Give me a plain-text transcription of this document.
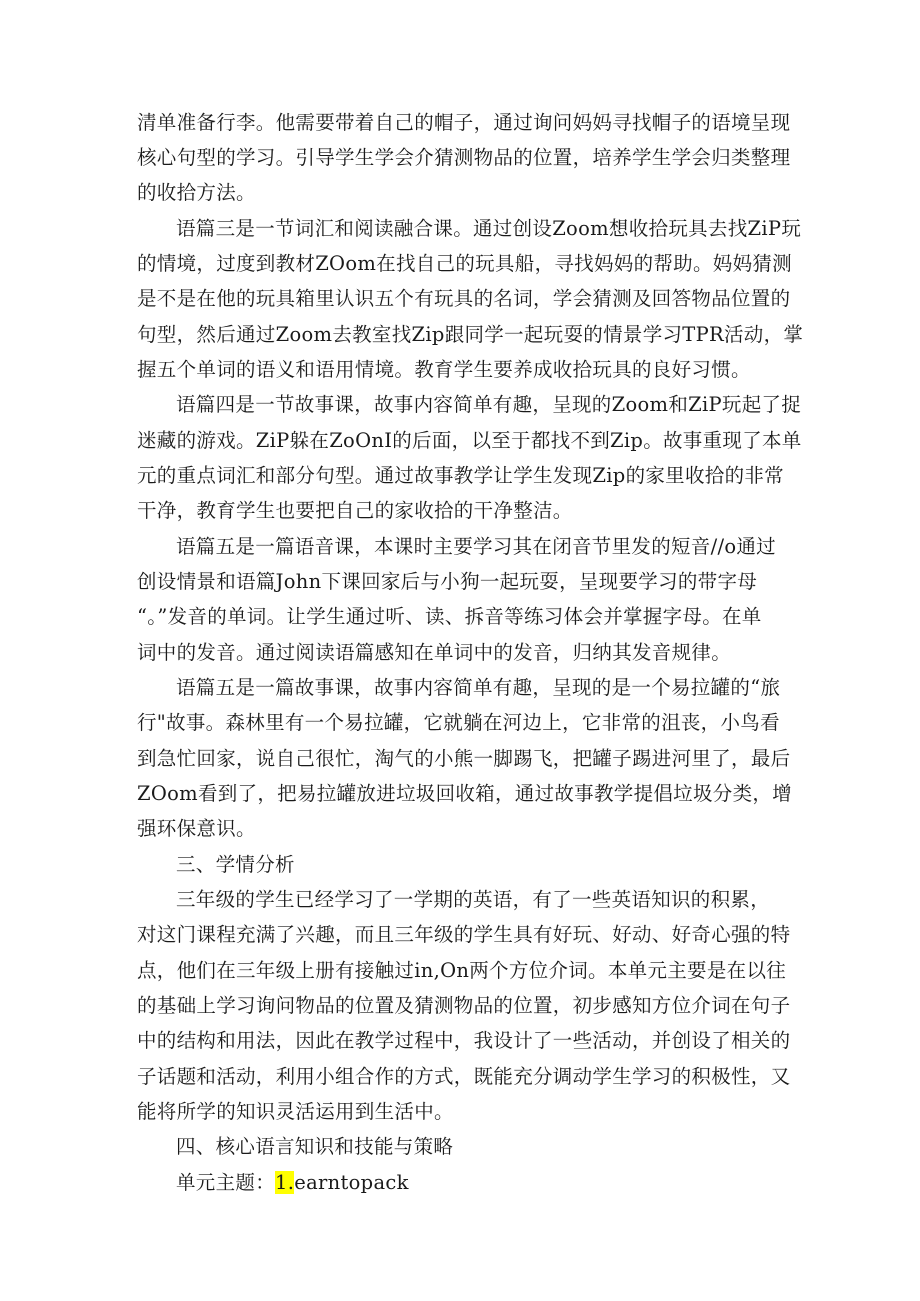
清单准备行李。他需要带着自己的帽子，通过询问妈妈寻找帽子的语境呈现
核心句型的学习。引导学生学会介猜测物品的位置，培养学生学会归类整理
的收拾方法。
语篇三是一节词汇和阅读融合课。通过创设Zoom想收拾玩具去找ZiP玩
的情境，过度到教材ZOom在找自己的玩具船，寻找妈妈的帮助。妈妈猜测
是不是在他的玩具箱里认识五个有玩具的名词，学会猜测及回答物品位置的
句型，然后通过Zoom去教室找Zip跟同学一起玩耍的情景学习TPR活动，掌
握五个单词的语义和语用情境。教育学生要养成收拾玩具的良好习惯。
语篇四是一节故事课，故事内容简单有趣，呈现的Zoom和ZiP玩起了捉
迷藏的游戏。ZiP躲在ZoOnI的后面，以至于都找不到Zip。故事重现了本单
元的重点词汇和部分句型。通过故事教学让学生发现Zip的家里收拾的非常
干净，教育学生也要把自己的家收拾的干净整洁。
语篇五是一篇语音课，本课时主要学习其在闭音节里发的短音//o通过
创设情景和语篇John下课回家后与小狗一起玩耍，呈现要学习的带字母
“。”发音的单词。让学生通过听、读、拆音等练习体会并掌握字母。在单
词中的发音。通过阅读语篇感知在单词中的发音，归纳其发音规律。
语篇五是一篇故事课，故事内容简单有趣，呈现的是一个易拉罐的“旅
行"故事。森林里有一个易拉罐，它就躺在河边上，它非常的沮丧，小鸟看
到急忙回家，说自己很忙，淘气的小熊一脚踢飞，把罐子踢进河里了，最后
ZOom看到了，把易拉罐放进垃圾回收箱，通过故事教学提倡垃圾分类，增
强环保意识。
三、学情分析
三年级的学生已经学习了一学期的英语，有了一些英语知识的积累，
对这门课程充满了兴趣，而且三年级的学生具有好玩、好动、好奇心强的特
点，他们在三年级上册有接触过in,On两个方位介词。本单元主要是在以往
的基础上学习询问物品的位置及猜测物品的位置，初步感知方位介词在句子
中的结构和用法，因此在教学过程中，我设计了一些活动，并创设了相关的
子话题和活动，利用小组合作的方式，既能充分调动学生学习的积极性，又
能将所学的知识灵活运用到生活中。
四、核心语言知识和技能与策略
单元主题：1.earntopack
